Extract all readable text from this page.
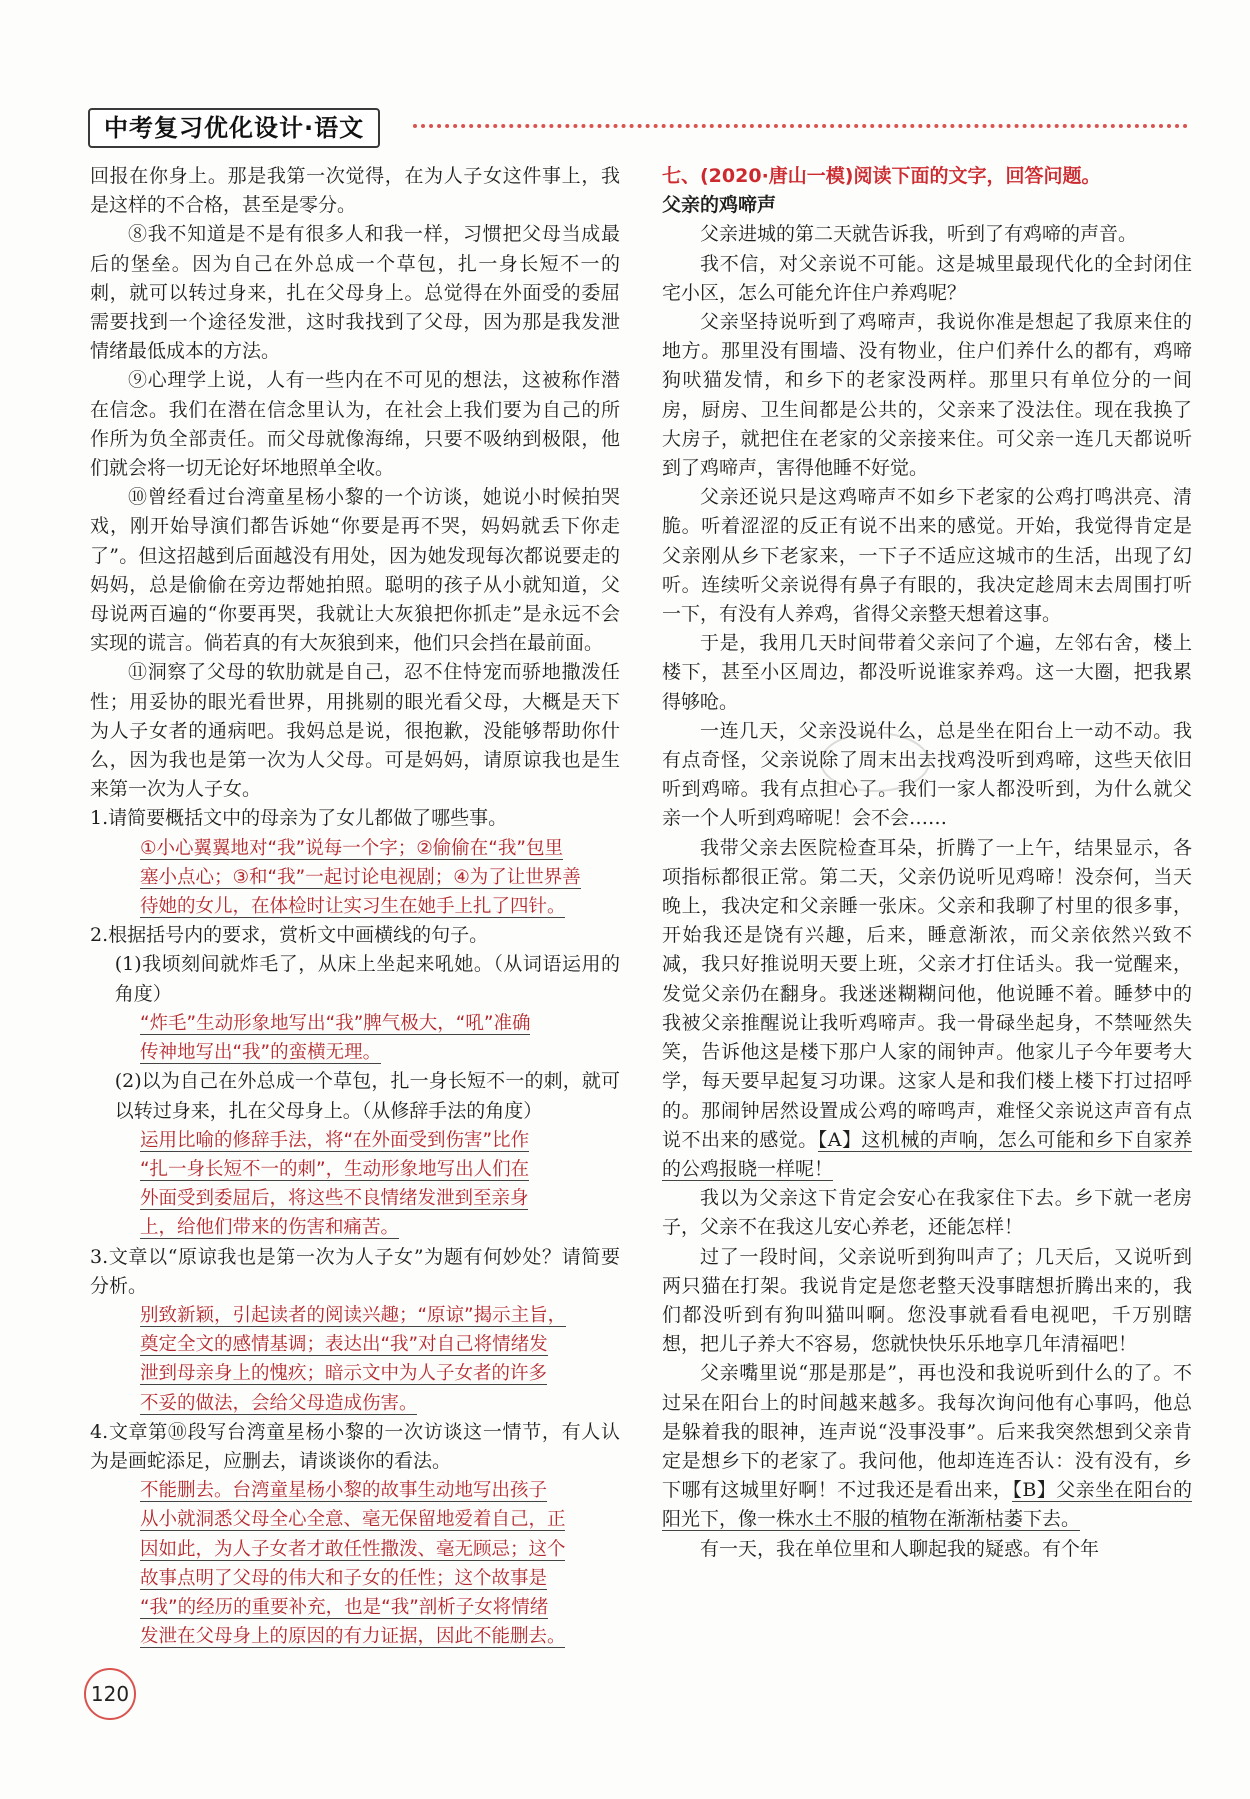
中考复习优化设计·语文

回报在你身上。那是我第一次觉得，在为人子女这件事上，我是这样的不合格，甚至是零分。

⑧我不知道是不是有很多人和我一样，习惯把父母当成最后的堡垒。因为自己在外总成一个草包，扎一身长短不一的刺，就可以转过身来，扎在父母身上。总觉得在外面受的委屈需要找到一个途径发泄，这时我找到了父母，因为那是我发泄情绪最低成本的方法。

⑨心理学上说，人有一些内在不可见的想法，这被称作潜在信念。我们在潜在信念里认为，在社会上我们要为自己的所作所为负全部责任。而父母就像海绵，只要不吸纳到极限，他们就会将一切无论好坏地照单全收。

⑩曾经看过台湾童星杨小黎的一个访谈，她说小时候拍哭戏，刚开始导演们都告诉她“你要是再不哭，妈妈就丢下你走了”。但这招越到后面越没有用处，因为她发现每次都说要走的妈妈，总是偷偷在旁边帮她拍照。聪明的孩子从小就知道，父母说两百遍的“你要再哭，我就让大灰狼把你抓走”是永远不会实现的谎言。倘若真的有大灰狼到来，他们只会挡在最前面。

⑪洞察了父母的软肋就是自己，忍不住恃宠而骄地撒泼任性；用妥协的眼光看世界，用挑剔的眼光看父母，大概是天下为人子女者的通病吧。我妈总是说，很抱歉，没能够帮助你什么，因为我也是第一次为人父母。可是妈妈，请原谅我也是生来第一次为人子女。

1.请简要概括文中的母亲为了女儿都做了哪些事。

①小心翼翼地对“我”说每一个字；②偷偷在“我”包里
塞小点心；③和“我”一起讨论电视剧；④为了让世界善
待她的女儿，在体检时让实习生在她手上扎了四针。

2.根据括号内的要求，赏析文中画横线的句子。

(1)我顷刻间就炸毛了，从床上坐起来吼她。（从词语运用的角度）

“炸毛”生动形象地写出“我”脾气极大，“吼”准确
传神地写出“我”的蛮横无理。

(2)以为自己在外总成一个草包，扎一身长短不一的刺，就可以转过身来，扎在父母身上。（从修辞手法的角度）

运用比喻的修辞手法，将“在外面受到伤害”比作
“扎一身长短不一的刺”，生动形象地写出人们在
外面受到委屈后，将这些不良情绪发泄到至亲身
上，给他们带来的伤害和痛苦。

3.文章以“原谅我也是第一次为人子女”为题有何妙处？请简要分析。

别致新颖，引起读者的阅读兴趣；“原谅”揭示主旨，
奠定全文的感情基调；表达出“我”对自己将情绪发
泄到母亲身上的愧疚；暗示文中为人子女者的许多
不妥的做法，会给父母造成伤害。

4.文章第⑩段写台湾童星杨小黎的一次访谈这一情节，有人认为是画蛇添足，应删去，请谈谈你的看法。

不能删去。台湾童星杨小黎的故事生动地写出孩子
从小就洞悉父母全心全意、毫无保留地爱着自己，正
因如此，为人子女者才敢任性撒泼、毫无顾忌；这个
故事点明了父母的伟大和子女的任性；这个故事是
“我”的经历的重要补充，也是“我”剖析子女将情绪
发泄在父母身上的原因的有力证据，因此不能删去。

七、(2020·唐山一模)阅读下面的文字，回答问题。

父亲的鸡啼声

父亲进城的第二天就告诉我，听到了有鸡啼的声音。

我不信，对父亲说不可能。这是城里最现代化的全封闭住宅小区，怎么可能允许住户养鸡呢？

父亲坚持说听到了鸡啼声，我说你准是想起了我原来住的地方。那里没有围墙、没有物业，住户们养什么的都有，鸡啼狗吠猫发情，和乡下的老家没两样。那里只有单位分的一间房，厨房、卫生间都是公共的，父亲来了没法住。现在我换了大房子，就把住在老家的父亲接来住。可父亲一连几天都说听到了鸡啼声，害得他睡不好觉。

父亲还说只是这鸡啼声不如乡下老家的公鸡打鸣洪亮、清脆。听着涩涩的反正有说不出来的感觉。开始，我觉得肯定是父亲刚从乡下老家来，一下子不适应这城市的生活，出现了幻听。连续听父亲说得有鼻子有眼的，我决定趁周末去周围打听一下，有没有人养鸡，省得父亲整天想着这事。

于是，我用几天时间带着父亲问了个遍，左邻右舍，楼上楼下，甚至小区周边，都没听说谁家养鸡。这一大圈，把我累得够呛。

一连几天，父亲没说什么，总是坐在阳台上一动不动。我有点奇怪，父亲说除了周末出去找鸡没听到鸡啼，这些天依旧听到鸡啼。我有点担心了。我们一家人都没听到，为什么就父亲一个人听到鸡啼呢！会不会……

我带父亲去医院检查耳朵，折腾了一上午，结果显示，各项指标都很正常。第二天，父亲仍说听见鸡啼！没奈何，当天晚上，我决定和父亲睡一张床。父亲和我聊了村里的很多事，开始我还是饶有兴趣，后来，睡意渐浓，而父亲依然兴致不减，我只好推说明天要上班，父亲才打住话头。我一觉醒来，发觉父亲仍在翻身。我迷迷糊糊问他，他说睡不着。睡梦中的我被父亲推醒说让我听鸡啼声。我一骨碌坐起身，不禁哑然失笑，告诉他这是楼下那户人家的闹钟声。他家儿子今年要考大学，每天要早起复习功课。这家人是和我们楼上楼下打过招呼的。那闹钟居然设置成公鸡的啼鸣声，难怪父亲说这声音有点说不出来的感觉。【A】这机械的声响，怎么可能和乡下自家养的公鸡报晓一样呢！

我以为父亲这下肯定会安心在我家住下去。乡下就一老房子，父亲不在我这儿安心养老，还能怎样！

过了一段时间，父亲说听到狗叫声了；几天后，又说听到两只猫在打架。我说肯定是您老整天没事瞎想折腾出来的，我们都没听到有狗叫猫叫啊。您没事就看看电视吧，千万别瞎想，把儿子养大不容易，您就快快乐乐地享几年清福吧！

父亲嘴里说“那是那是”，再也没和我说听到什么的了。不过呆在阳台上的时间越来越多。我每次询问他有心事吗，他总是躲着我的眼神，连声说“没事没事”。后来我突然想到父亲肯定是想乡下的老家了。我问他，他却连连否认：没有没有，乡下哪有这城里好啊！不过我还是看出来，【B】父亲坐在阳台的阳光下，像一株水土不服的植物在渐渐枯萎下去。

有一天，我在单位里和人聊起我的疑惑。有个年

120
